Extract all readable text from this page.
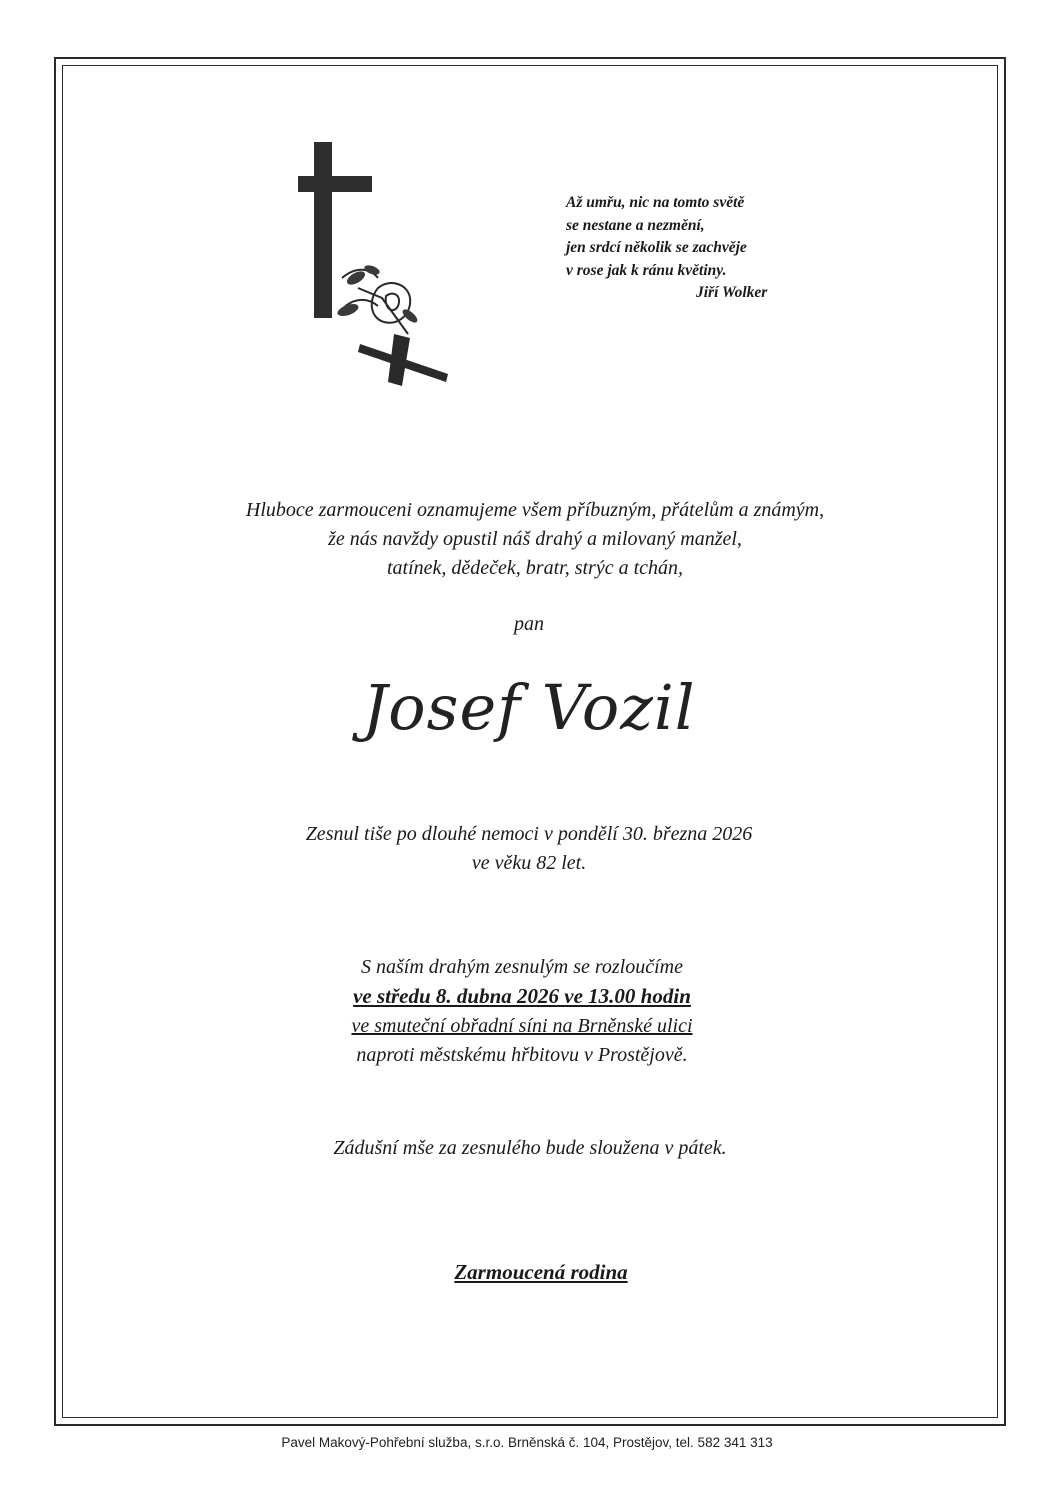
Až umřu, nic na tomto světě
se nestane a nezmění,
jen srdcí několik se zachvěje
v rose jak k ránu květiny.
Jiří Wolker
Hluboce zarmouceni oznamujeme všem příbuzným, přátelům a známým,
že nás navždy opustil náš drahý a milovaný manžel,
tatínek, dědeček, bratr, strýc a tchán,
pan
Josef Vozil
Zesnul tiše po dlouhé nemoci v pondělí 30. března 2026
ve věku 82 let.
S naším drahým zesnulým se rozloučíme
ve středu 8. dubna 2026 ve 13.00 hodin
ve smuteční obřadní síni na Brněnské ulici
naproti městskému hřbitovu v Prostějově.
Zádušní mše za zesnulého bude sloužena v pátek.
Zarmoucená rodina
Pavel Makový-Pohřební služba, s.r.o. Brněnská č. 104, Prostějov, tel. 582 341 313
